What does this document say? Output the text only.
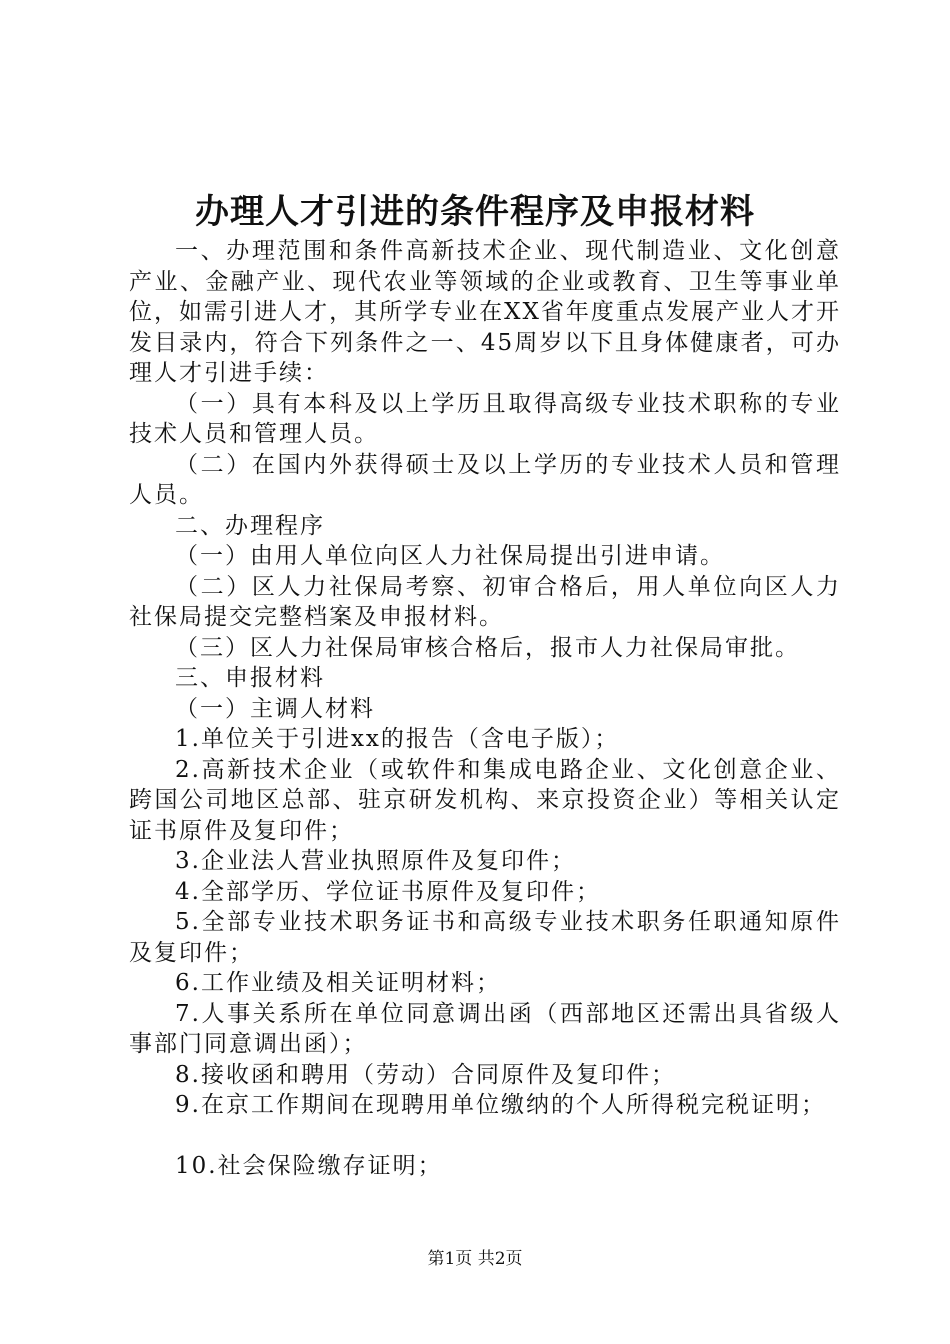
办理人才引进的条件程序及申报材料

一、办理范围和条件高新技术企业、现代制造业、文化创意产业、金融产业、现代农业等领域的企业或教育、卫生等事业单位，如需引进人才，其所学专业在XX省年度重点发展产业人才开发目录内，符合下列条件之一、45周岁以下且身体健康者，可办理人才引进手续：

（一）具有本科及以上学历且取得高级专业技术职称的专业技术人员和管理人员。

（二）在国内外获得硕士及以上学历的专业技术人员和管理人员。

二、办理程序

（一）由用人单位向区人力社保局提出引进申请。

（二）区人力社保局考察、初审合格后，用人单位向区人力社保局提交完整档案及申报材料。

（三）区人力社保局审核合格后，报市人力社保局审批。

三、申报材料

（一）主调人材料

1.单位关于引进xx的报告（含电子版）；

2.高新技术企业（或软件和集成电路企业、文化创意企业、跨国公司地区总部、驻京研发机构、来京投资企业）等相关认定证书原件及复印件；

3.企业法人营业执照原件及复印件；

4.全部学历、学位证书原件及复印件；

5.全部专业技术职务证书和高级专业技术职务任职通知原件及复印件；

6.工作业绩及相关证明材料；

7.人事关系所在单位同意调出函（西部地区还需出具省级人事部门同意调出函）；

8.接收函和聘用（劳动）合同原件及复印件；

9.在京工作期间在现聘用单位缴纳的个人所得税完税证明；

10.社会保险缴存证明；

第1页 共2页
